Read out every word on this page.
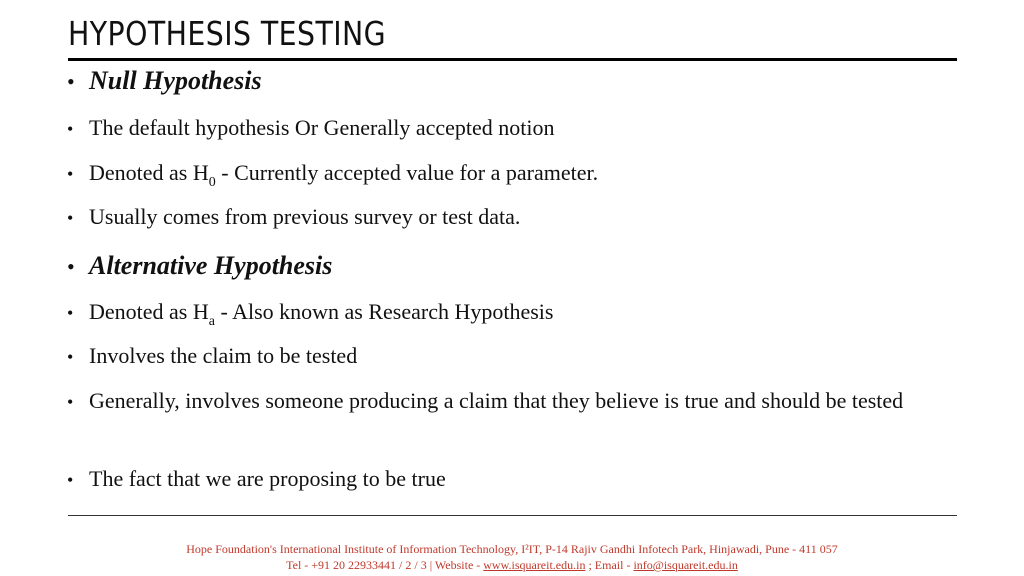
HYPOTHESIS TESTING
• Null Hypothesis
• The default hypothesis Or Generally accepted notion
• Denoted as $H_0$ - Currently accepted value for a parameter.
• Usually comes from previous survey or test data.
• Alternative Hypothesis
• Denoted as $H_a$ - Also known as Research Hypothesis
• Involves the claim to be tested
• Generally, involves someone producing a claim that they believe is true and should be tested
• The fact that we are proposing to be true
Hope Foundation's International Institute of Information Technology, I²IT, P-14 Rajiv Gandhi Infotech Park, Hinjawadi, Pune - 411 057
Tel - +91 20 22933441 / 2 / 3 | Website - www.isquareit.edu.in ; Email - info@isquareit.edu.in
